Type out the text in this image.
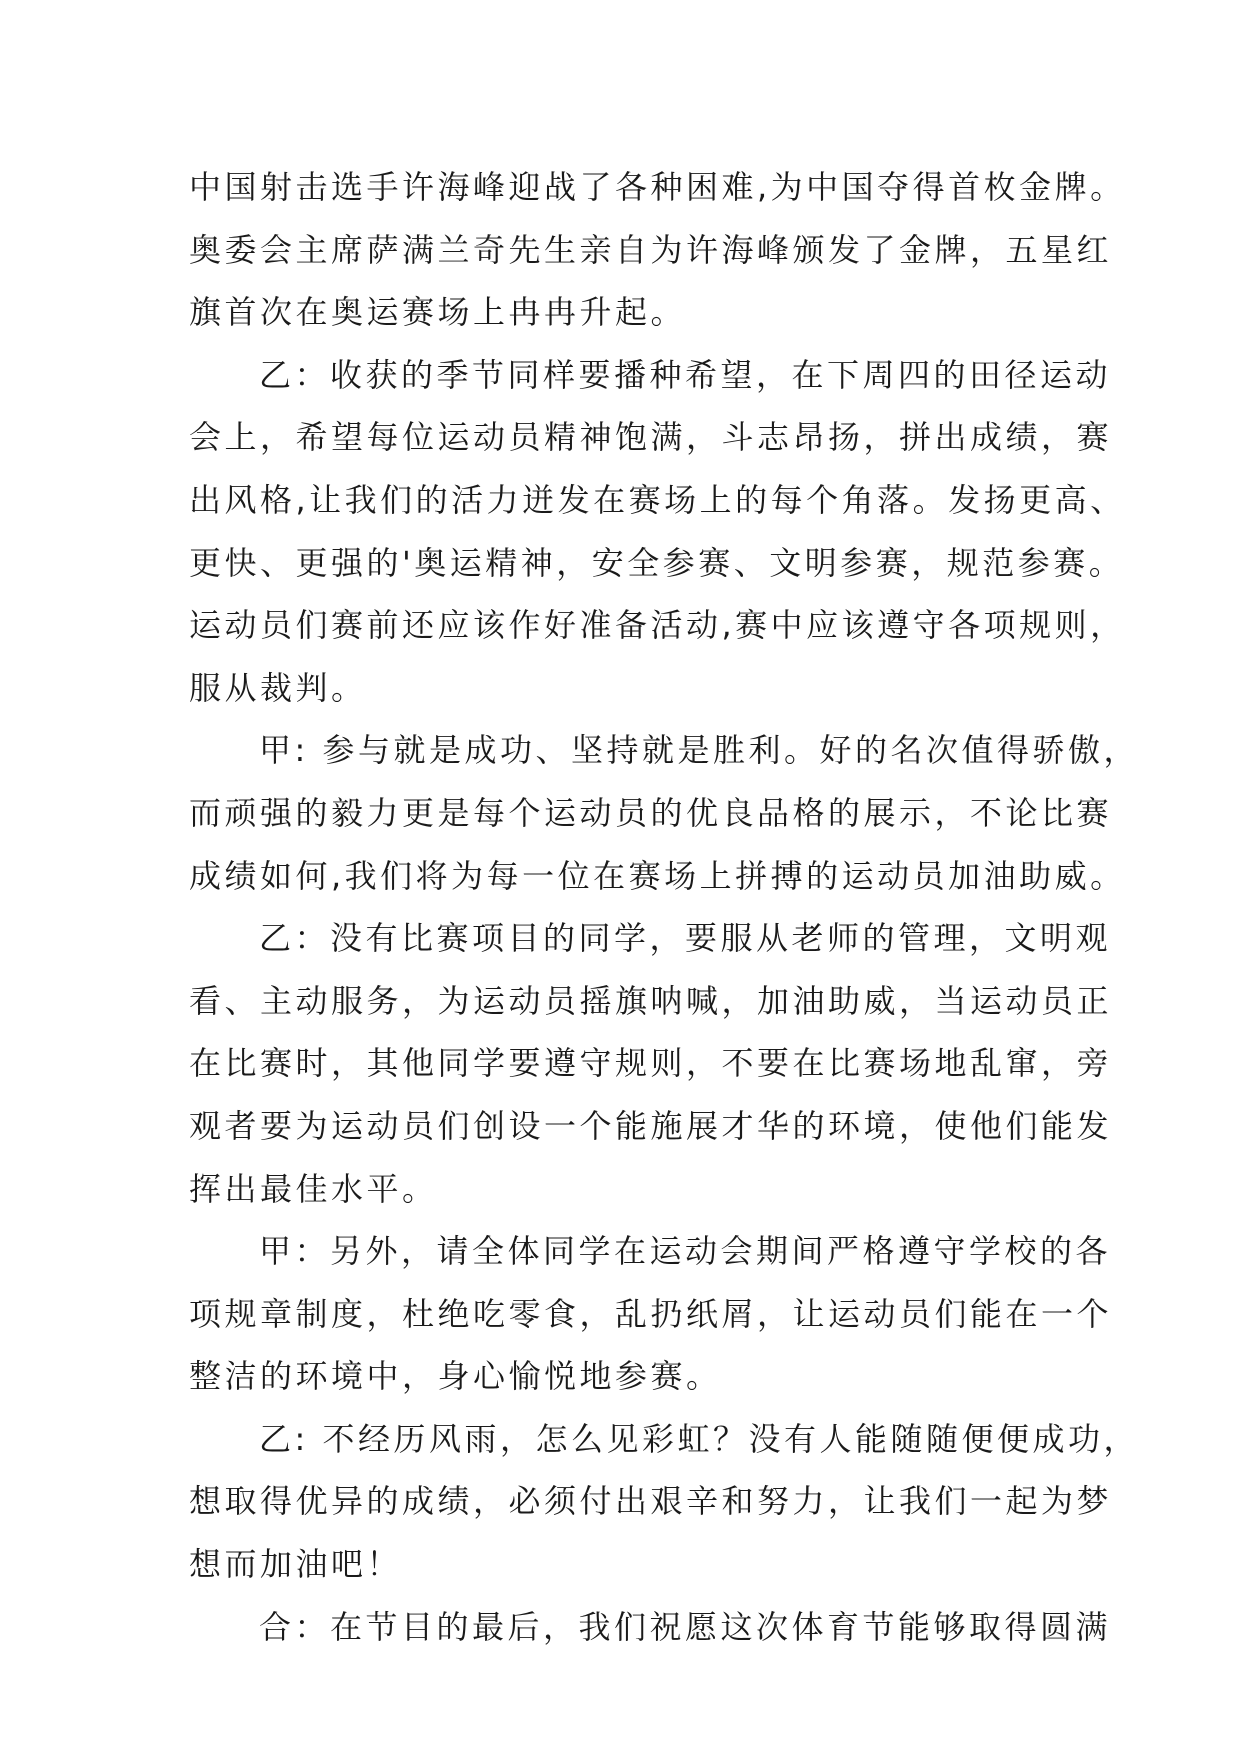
中国射击选手许海峰迎战了各种困难,为中国夺得首枚金牌。
奥委会主席萨满兰奇先生亲自为许海峰颁发了金牌，五星红
旗首次在奥运赛场上冉冉升起。
乙：收获的季节同样要播种希望，在下周四的田径运动
会上，希望每位运动员精神饱满，斗志昂扬，拼出成绩，赛
出风格,让我们的活力迸发在赛场上的每个角落。发扬更高、
更快、更强的'奥运精神，安全参赛、文明参赛，规范参赛。
运动员们赛前还应该作好准备活动,赛中应该遵守各项规则，
服从裁判。
甲: 参与就是成功、坚持就是胜利。好的名次值得骄傲，
而顽强的毅力更是每个运动员的优良品格的展示，不论比赛
成绩如何,我们将为每一位在赛场上拼搏的运动员加油助威。
乙：没有比赛项目的同学，要服从老师的管理，文明观
看、主动服务，为运动员摇旗呐喊，加油助威，当运动员正
在比赛时，其他同学要遵守规则，不要在比赛场地乱窜，旁
观者要为运动员们创设一个能施展才华的环境，使他们能发
挥出最佳水平。
甲：另外，请全体同学在运动会期间严格遵守学校的各
项规章制度，杜绝吃零食，乱扔纸屑，让运动员们能在一个
整洁的环境中，身心愉悦地参赛。
乙: 不经历风雨，怎么见彩虹？没有人能随随便便成功，
想取得优异的成绩，必须付出艰辛和努力，让我们一起为梦
想而加油吧！
合：在节目的最后，我们祝愿这次体育节能够取得圆满
